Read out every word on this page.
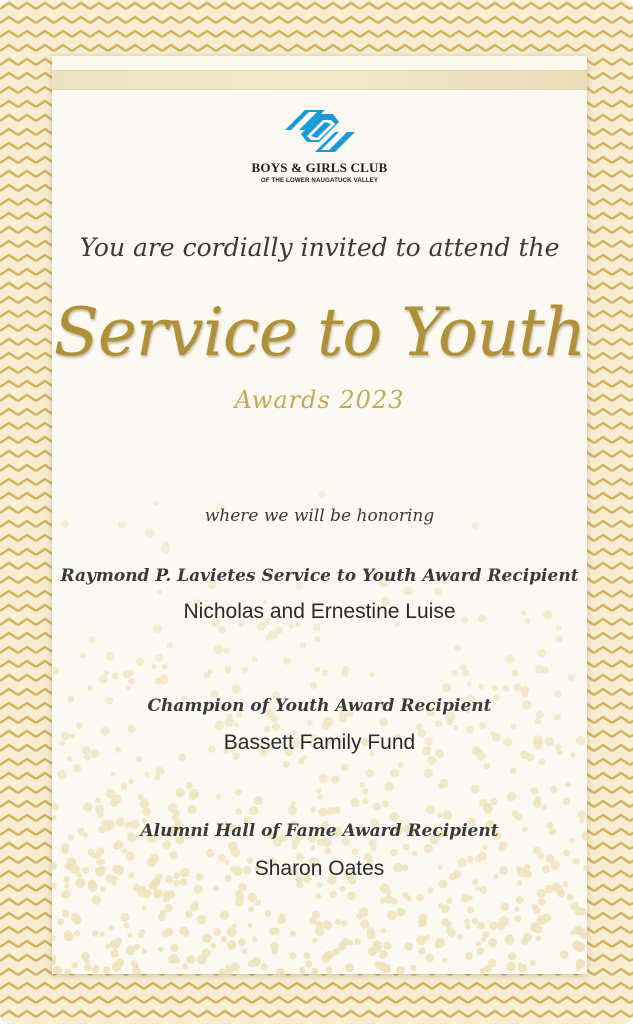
BOYS & GIRLS CLUB
OF THE LOWER NAUGATUCK VALLEY
You are cordially invited to attend the
Service to Youth
Awards 2023
where we will be honoring
Raymond P. Lavietes Service to Youth Award Recipient
Nicholas and Ernestine Luise
Champion of Youth Award Recipient
Bassett Family Fund
Alumni Hall of Fame Award Recipient
Sharon Oates
